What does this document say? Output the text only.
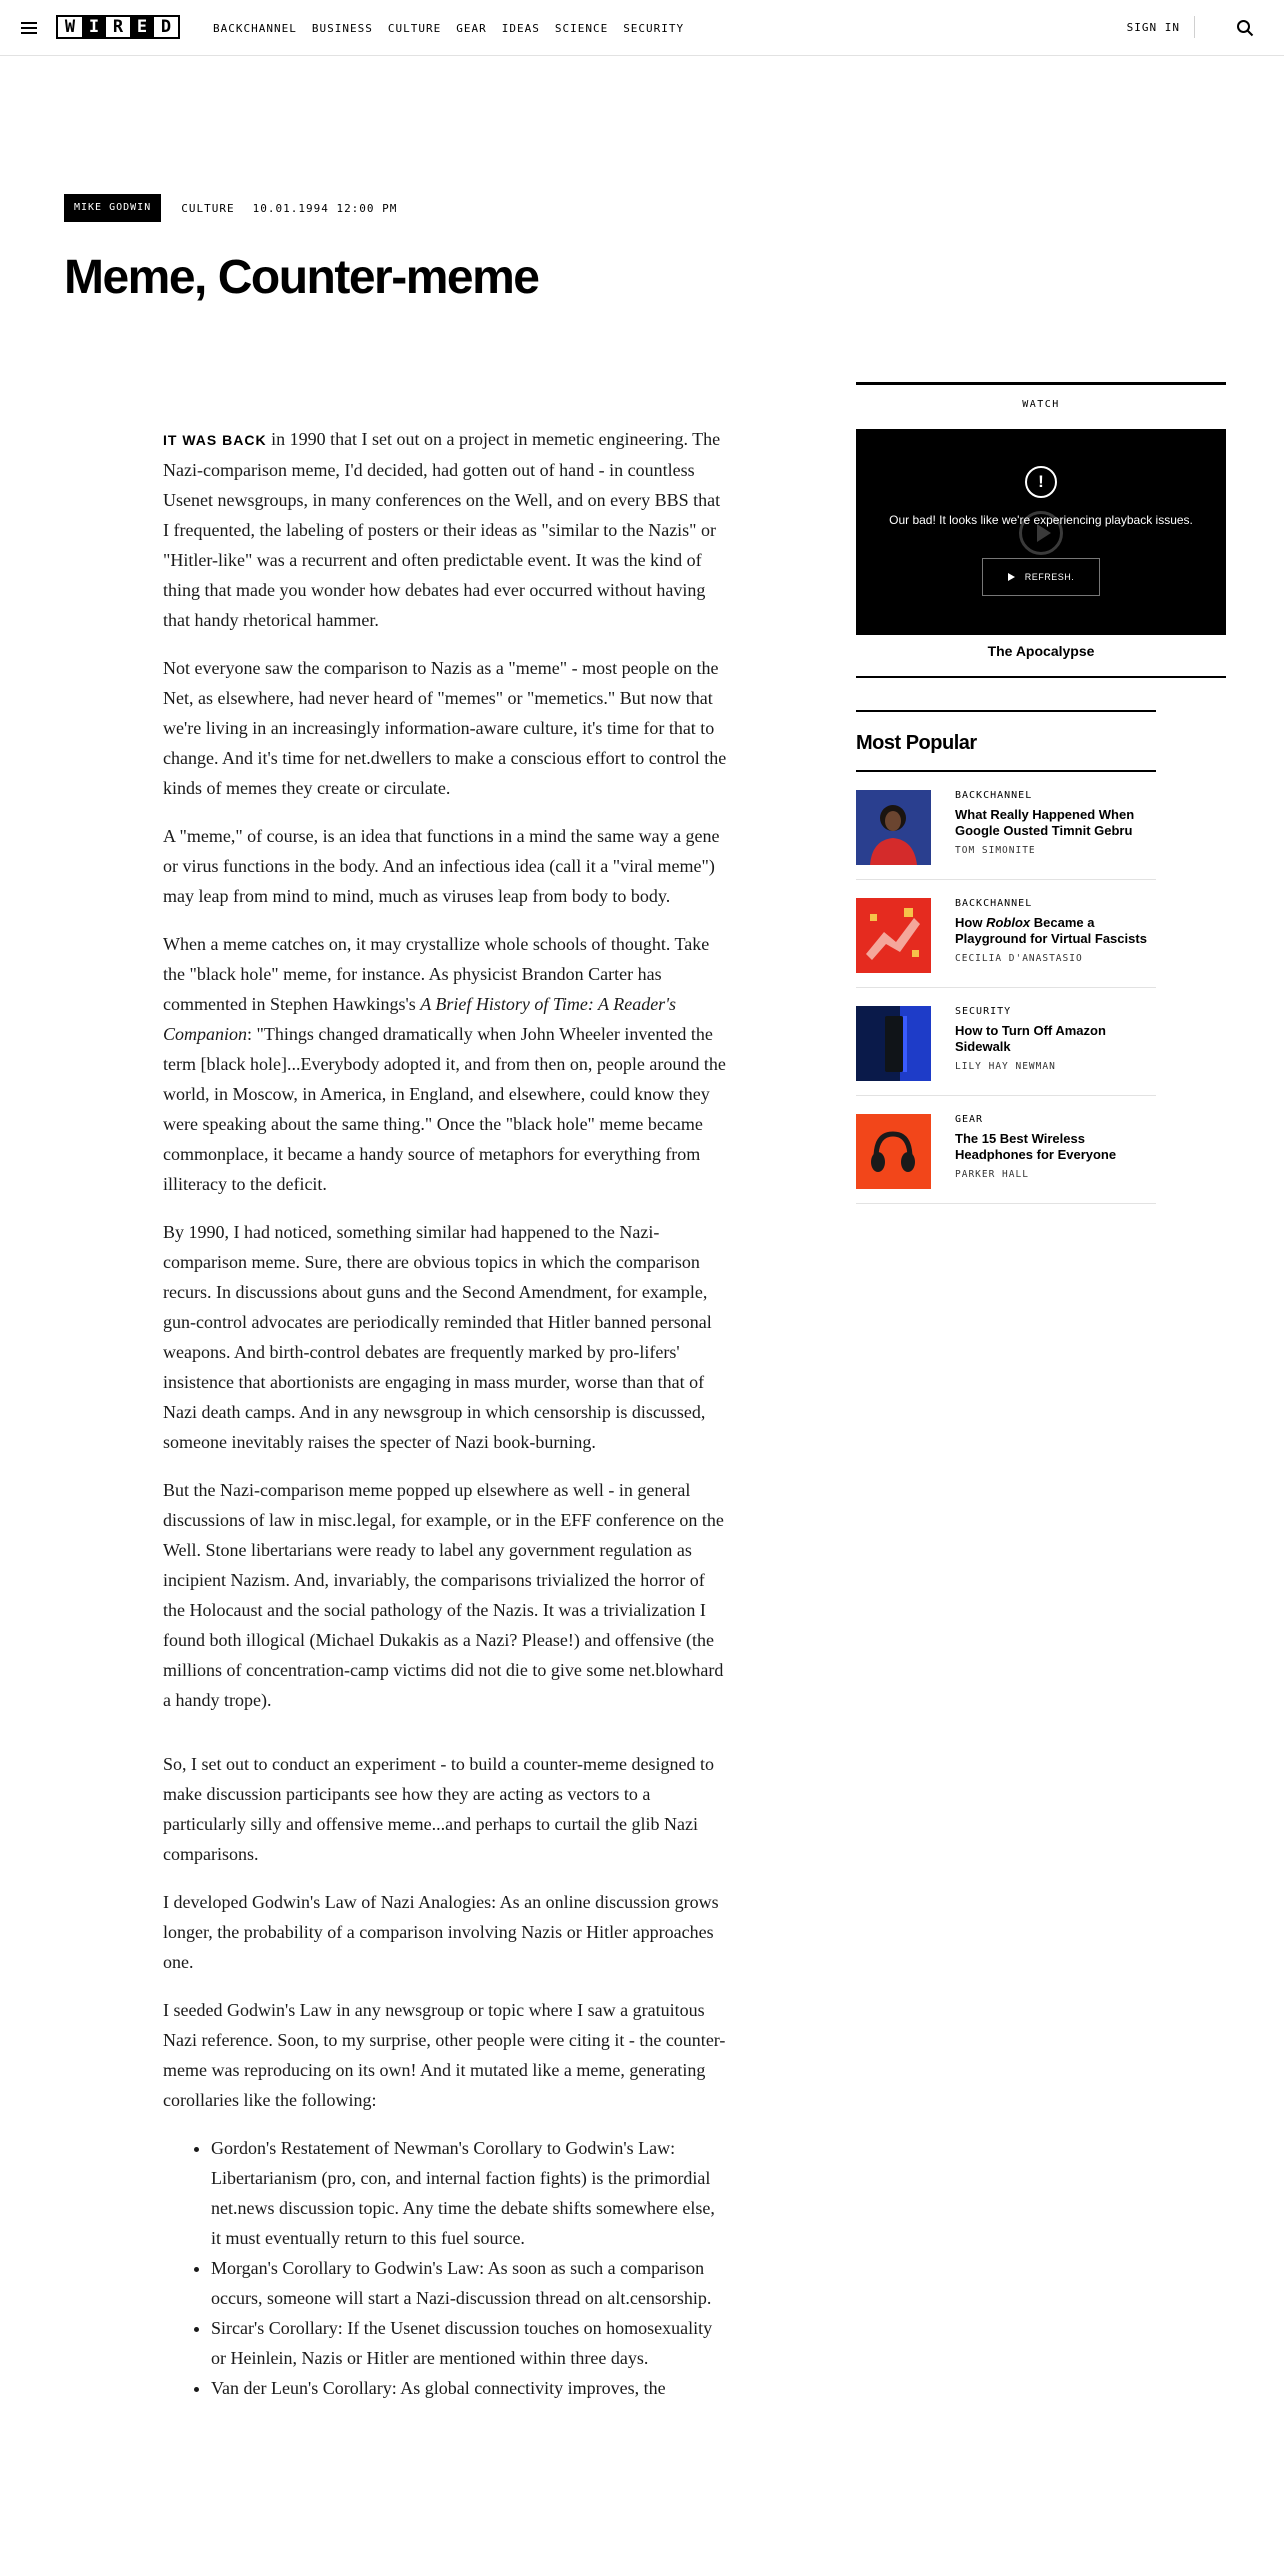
W I R E D	BACKCHANNEL BUSINESS CULTURE GEAR IDEAS SCIENCE SECURITY	SIGN IN
MIKE GODWIN	CULTURE 10.01.1994 12:00 PM
Meme, Counter-meme

IT WAS BACK in 1990 that I set out on a project in memetic engineering. The Nazi-comparison meme, I'd decided, had gotten out of hand - in countless Usenet newsgroups, in many conferences on the Well, and on every BBS that I frequented, the labeling of posters or their ideas as "similar to the Nazis" or "Hitler-like" was a recurrent and often predictable event. It was the kind of thing that made you wonder how debates had ever occurred without having that handy rhetorical hammer.

Not everyone saw the comparison to Nazis as a "meme" - most people on the Net, as elsewhere, had never heard of "memes" or "memetics." But now that we're living in an increasingly information-aware culture, it's time for that to change. And it's time for net.dwellers to make a conscious effort to control the kinds of memes they create or circulate.

A "meme," of course, is an idea that functions in a mind the same way a gene or virus functions in the body. And an infectious idea (call it a "viral meme") may leap from mind to mind, much as viruses leap from body to body.

When a meme catches on, it may crystallize whole schools of thought. Take the "black hole" meme, for instance. As physicist Brandon Carter has commented in Stephen Hawkings's A Brief History of Time: A Reader's Companion: "Things changed dramatically when John Wheeler invented the term [black hole]...Everybody adopted it, and from then on, people around the world, in Moscow, in America, in England, and elsewhere, could know they were speaking about the same thing." Once the "black hole" meme became commonplace, it became a handy source of metaphors for everything from illiteracy to the deficit.

By 1990, I had noticed, something similar had happened to the Nazi-comparison meme. Sure, there are obvious topics in which the comparison recurs. In discussions about guns and the Second Amendment, for example, gun-control advocates are periodically reminded that Hitler banned personal weapons. And birth-control debates are frequently marked by pro-lifers' insistence that abortionists are engaging in mass murder, worse than that of Nazi death camps. And in any newsgroup in which censorship is discussed, someone inevitably raises the specter of Nazi book-burning.

But the Nazi-comparison meme popped up elsewhere as well - in general discussions of law in misc.legal, for example, or in the EFF conference on the Well. Stone libertarians were ready to label any government regulation as incipient Nazism. And, invariably, the comparisons trivialized the horror of the Holocaust and the social pathology of the Nazis. It was a trivialization I found both illogical (Michael Dukakis as a Nazi? Please!) and offensive (the millions of concentration-camp victims did not die to give some net.blowhard a handy trope).

So, I set out to conduct an experiment - to build a counter-meme designed to make discussion participants see how they are acting as vectors to a particularly silly and offensive meme...and perhaps to curtail the glib Nazi comparisons.

I developed Godwin's Law of Nazi Analogies: As an online discussion grows longer, the probability of a comparison involving Nazis or Hitler approaches one.

I seeded Godwin's Law in any newsgroup or topic where I saw a gratuitous Nazi reference. Soon, to my surprise, other people were citing it - the counter-meme was reproducing on its own! And it mutated like a meme, generating corollaries like the following:

• Gordon's Restatement of Newman's Corollary to Godwin's Law: Libertarianism (pro, con, and internal faction fights) is the primordial net.news discussion topic. Any time the debate shifts somewhere else, it must eventually return to this fuel source.
• Morgan's Corollary to Godwin's Law: As soon as such a comparison occurs, someone will start a Nazi-discussion thread on alt.censorship.
• Sircar's Corollary: If the Usenet discussion touches on homosexuality or Heinlein, Nazis or Hitler are mentioned within three days.
• Van der Leun's Corollary: As global connectivity improves, the
WATCH
!
Our bad! It looks like we're experiencing playback issues.
REFRESH.
The Apocalypse
Most Popular
BACKCHANNEL
What Really Happened When Google Ousted Timnit Gebru
TOM SIMONITE
BACKCHANNEL
How Roblox Became a Playground for Virtual Fascists
CECILIA D'ANASTASIO
SECURITY
How to Turn Off Amazon Sidewalk
LILY HAY NEWMAN
GEAR
The 15 Best Wireless Headphones for Everyone
PARKER HALL
